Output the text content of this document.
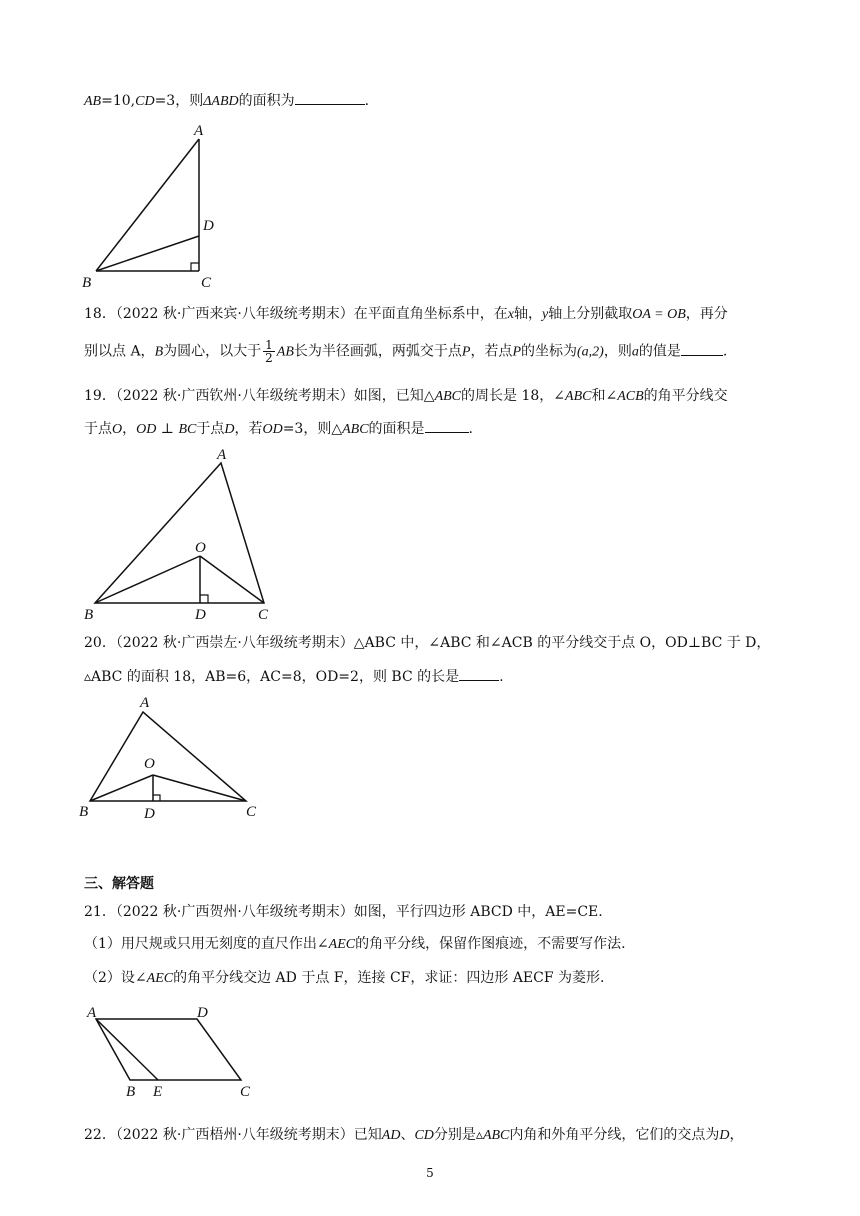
AB=10,CD=3，则ΔABD的面积为	.
A
D
B	C
18．（2022 秋·广西来宾·八年级统考期末）在平面直角坐标系中，在x轴，y轴上分别截取OA = OB，再分
别以点 A，B为圆心，以大于 $\frac{1}{2}$ AB长为半径画弧，两弧交于点P，若点P的坐标为(a,2)，则a的值是	.
19．（2022 秋·广西钦州·八年级统考期末）如图，已知△ABC的周长是 18，∠ABC和∠ACB的角平分线交
于点O，OD ⊥ BC于点D，若OD=3，则△ABC的面积是	.
A
O
B	D	C
20．（2022 秋·广西崇左·八年级统考期末）△ABC 中，∠ABC 和∠ACB 的平分线交于点 O，OD⊥BC 于 D，
▵ABC 的面积 18，AB=6，AC=8，OD=2，则 BC 的长是	.
A
O
B	D	C
三、解答题
21．（2022 秋·广西贺州·八年级统考期末）如图，平行四边形 ABCD 中，AE=CE.
（1）用尺规或只用无刻度的直尺作出∠AEC的角平分线，保留作图痕迹，不需要写作法.
（2）设∠AEC的角平分线交边 AD 于点 F，连接 CF，求证：四边形 AECF 为菱形.
A	D
B E	C
22．（2022 秋·广西梧州·八年级统考期末）已知AD、CD分别是▵ABC内角和外角平分线，它们的交点为D，
5
